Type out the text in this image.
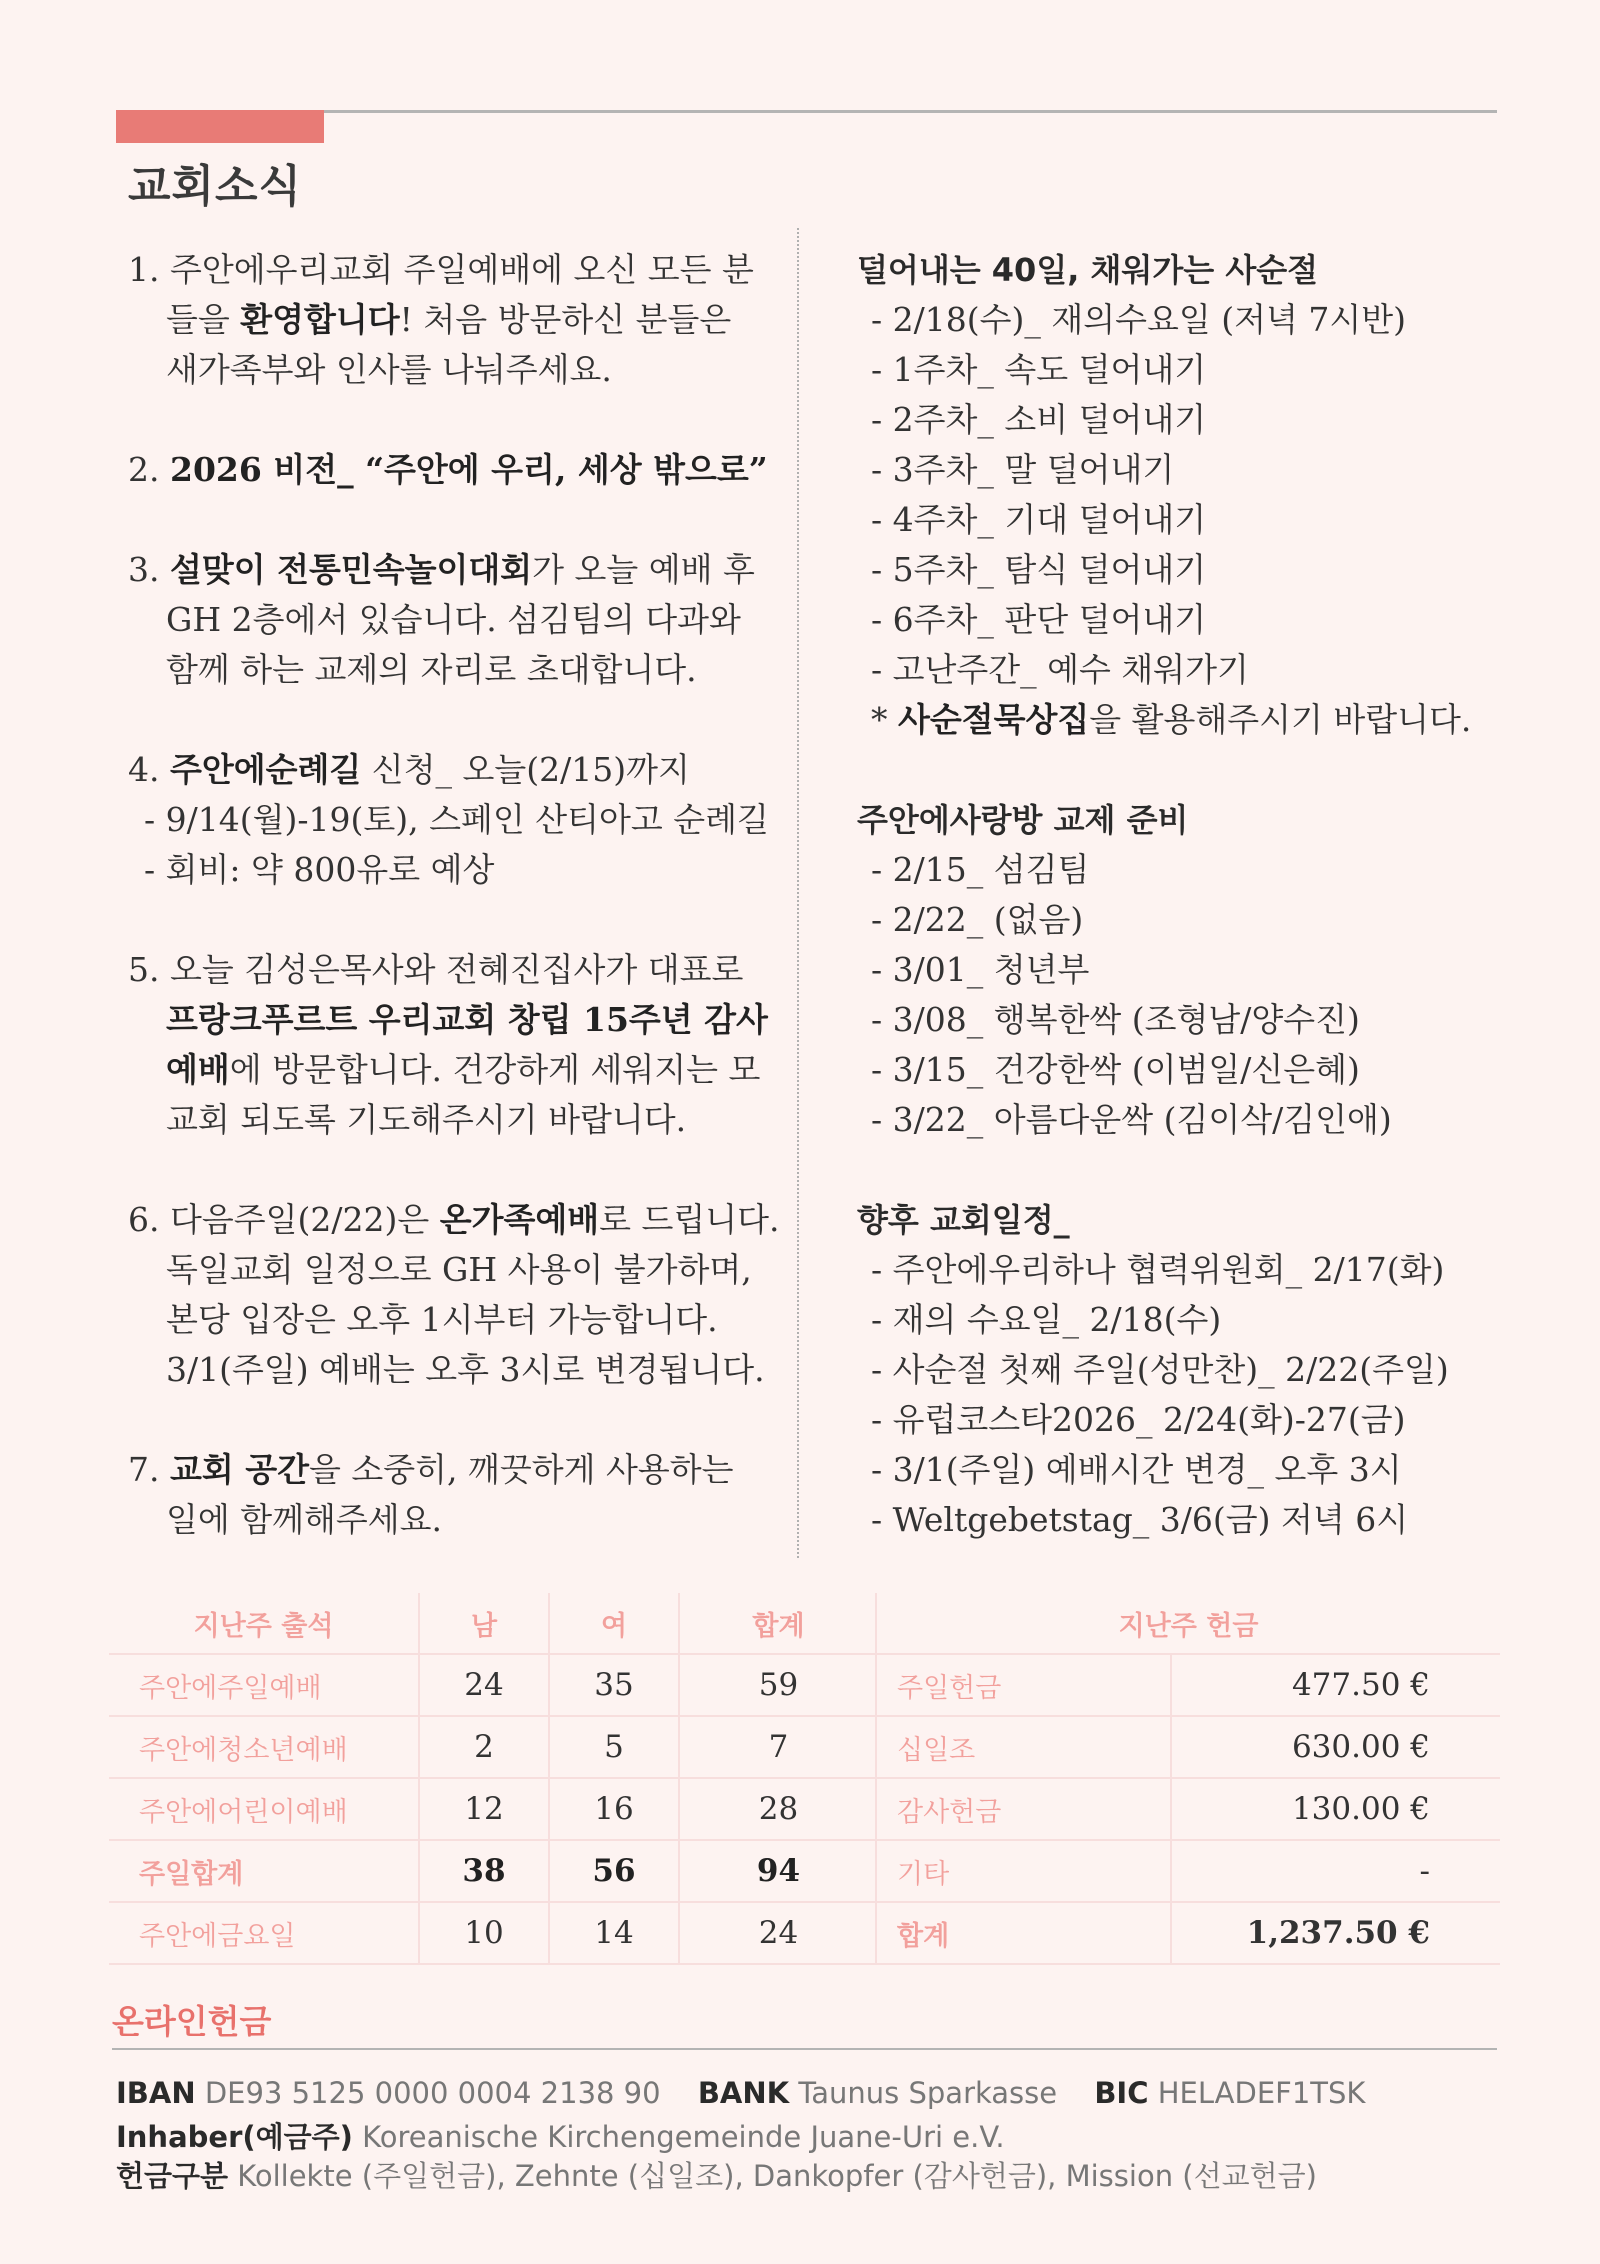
교회소식
1. 주안에우리교회 주일예배에 오신 모든 분
들을 환영합니다! 처음 방문하신 분들은
새가족부와 인사를 나눠주세요.
2. 2026 비전_ “주안에 우리, 세상 밖으로”
3. 설맞이 전통민속놀이대회가 오늘 예배 후
GH 2층에서 있습니다. 섬김팀의 다과와
함께 하는 교제의 자리로 초대합니다.
4. 주안에순례길 신청_ 오늘(2/15)까지
- 9/14(월)-19(토), 스페인 산티아고 순례길
- 회비: 약 800유로 예상
5. 오늘 김성은목사와 전혜진집사가 대표로
프랑크푸르트 우리교회 창립 15주년 감사
예배에 방문합니다. 건강하게 세워지는 모
교회 되도록 기도해주시기 바랍니다.
6. 다음주일(2/22)은 온가족예배로 드립니다.
독일교회 일정으로 GH 사용이 불가하며,
본당 입장은 오후 1시부터 가능합니다.
3/1(주일) 예배는 오후 3시로 변경됩니다.
7. 교회 공간을 소중히, 깨끗하게 사용하는
일에 함께해주세요.
덜어내는 40일, 채워가는 사순절
- 2/18(수)_ 재의수요일 (저녁 7시반)
- 1주차_ 속도 덜어내기
- 2주차_ 소비 덜어내기
- 3주차_ 말 덜어내기
- 4주차_ 기대 덜어내기
- 5주차_ 탐식 덜어내기
- 6주차_ 판단 덜어내기
- 고난주간_ 예수 채워가기
* 사순절묵상집을 활용해주시기 바랍니다.
주안에사랑방 교제 준비
- 2/15_ 섬김팀
- 2/22_ (없음)
- 3/01_ 청년부
- 3/08_ 행복한싹 (조형남/양수진)
- 3/15_ 건강한싹 (이범일/신은혜)
- 3/22_ 아름다운싹 (김이삭/김인애)
향후 교회일정_
- 주안에우리하나 협력위원회_ 2/17(화)
- 재의 수요일_ 2/18(수)
- 사순절 첫째 주일(성만찬)_ 2/22(주일)
- 유럽코스타2026_ 2/24(화)-27(금)
- 3/1(주일) 예배시간 변경_ 오후 3시
- Weltgebetstag_ 3/6(금) 저녁 6시
지난주 출석	남	여	합계
주안에주일예배	24	35	59
주안에청소년예배	2	5	7
주안에어린이예배	12	16	28
주일합계	38	56	94
주안에금요일	10	14	24
지난주 헌금	
주일헌금	477.50 €
십일조	630.00 €
감사헌금	130.00 €
기타	-
합계	1,237.50 €
온라인헌금
IBAN DE93 5125 0000 0004 2138 90 BANK Taunus Sparkasse BIC HELADEF1TSK
Inhaber(예금주) Koreanische Kirchengemeinde Juane-Uri e.V.
헌금구분 Kollekte (주일헌금), Zehnte (십일조), Dankopfer (감사헌금), Mission (선교헌금)
